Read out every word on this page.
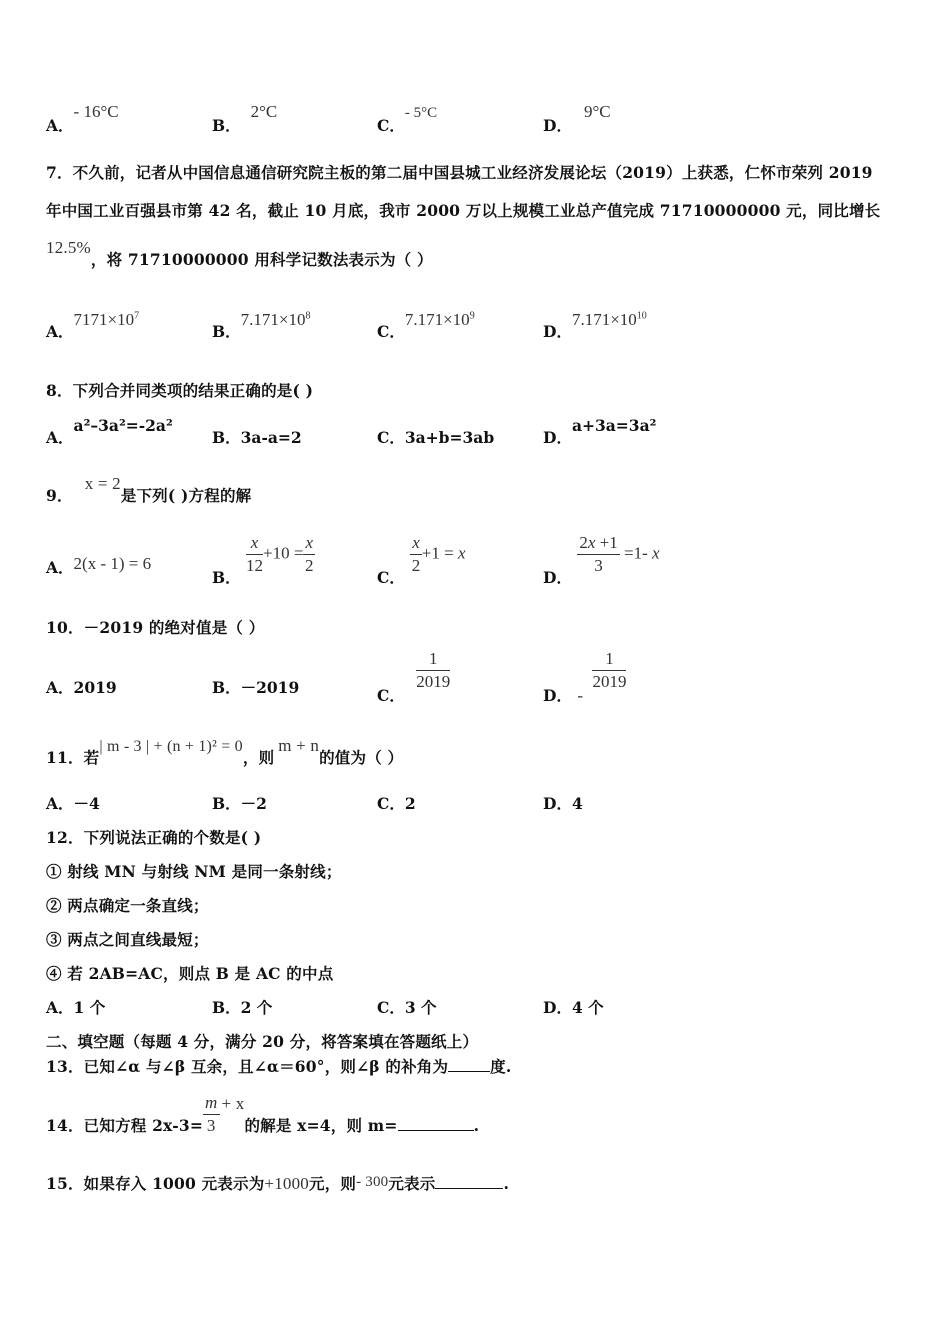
A．- 16°C
B．2°C
C．- 5°C
D．9°C
7．不久前，记者从中国信息通信研究院主板的第二届中国县城工业经济发展论坛（2019）上获悉，仁怀市荣列 2019
年中国工业百强县市第 42 名，截止 10 月底，我市 2000 万以上规模工业总产值完成 71710000000 元，同比增长
12.5%，将 71710000000 用科学记数法表示为（ ）
A．$7171\times 10^7$
B．$7.171\times 10^8$
C．$7.171\times 10^9$
D．$7.171\times 10^{10}$
8．下列合并同类项的结果正确的是( )
A．a²–3a²=-2a²
B．3a-a=2	C．3a+b=3ab	D．a+3a=3a²
9．x = 2是下列( )方程的解
A．2(x - 1) = 6
B． $\frac{x}{12} +10 = \frac{x}{2}$	C． $\frac{x}{2} +1 = x$
D． $\frac{2x +1}{3} =1-$ x
10．－2019 的绝对值是（ ）
A．2019	B．－2019	C．
$\frac{1}{2019}$
D． -
$\frac{1}{2019}$
11．若| m - 3 | + (n + 1)² = 0，则m + n的值为（ ）
A．－4	B．－2	C．2	D．4
12．下列说法正确的个数是( )
① 射线 MN 与射线 NM 是同一条射线；
② 两点确定一条直线；
③ 两点之间直线最短；
④ 若 2AB=AC，则点 B 是 AC 的中点
A．1 个	B．2 个	C．3 个	D．4 个
二、填空题（每题 4 分，满分 20 分，将答案填在答题纸上）
13．已知∠α 与∠β 互余，且∠α＝60°，则∠β 的补角为	度.
14．已知方程 $2x-3= \frac{m}{3} + x$的解是 x=4，则 m=	.
15．如果存入 1000 元表示为+1000元，则- 300元表示	.
